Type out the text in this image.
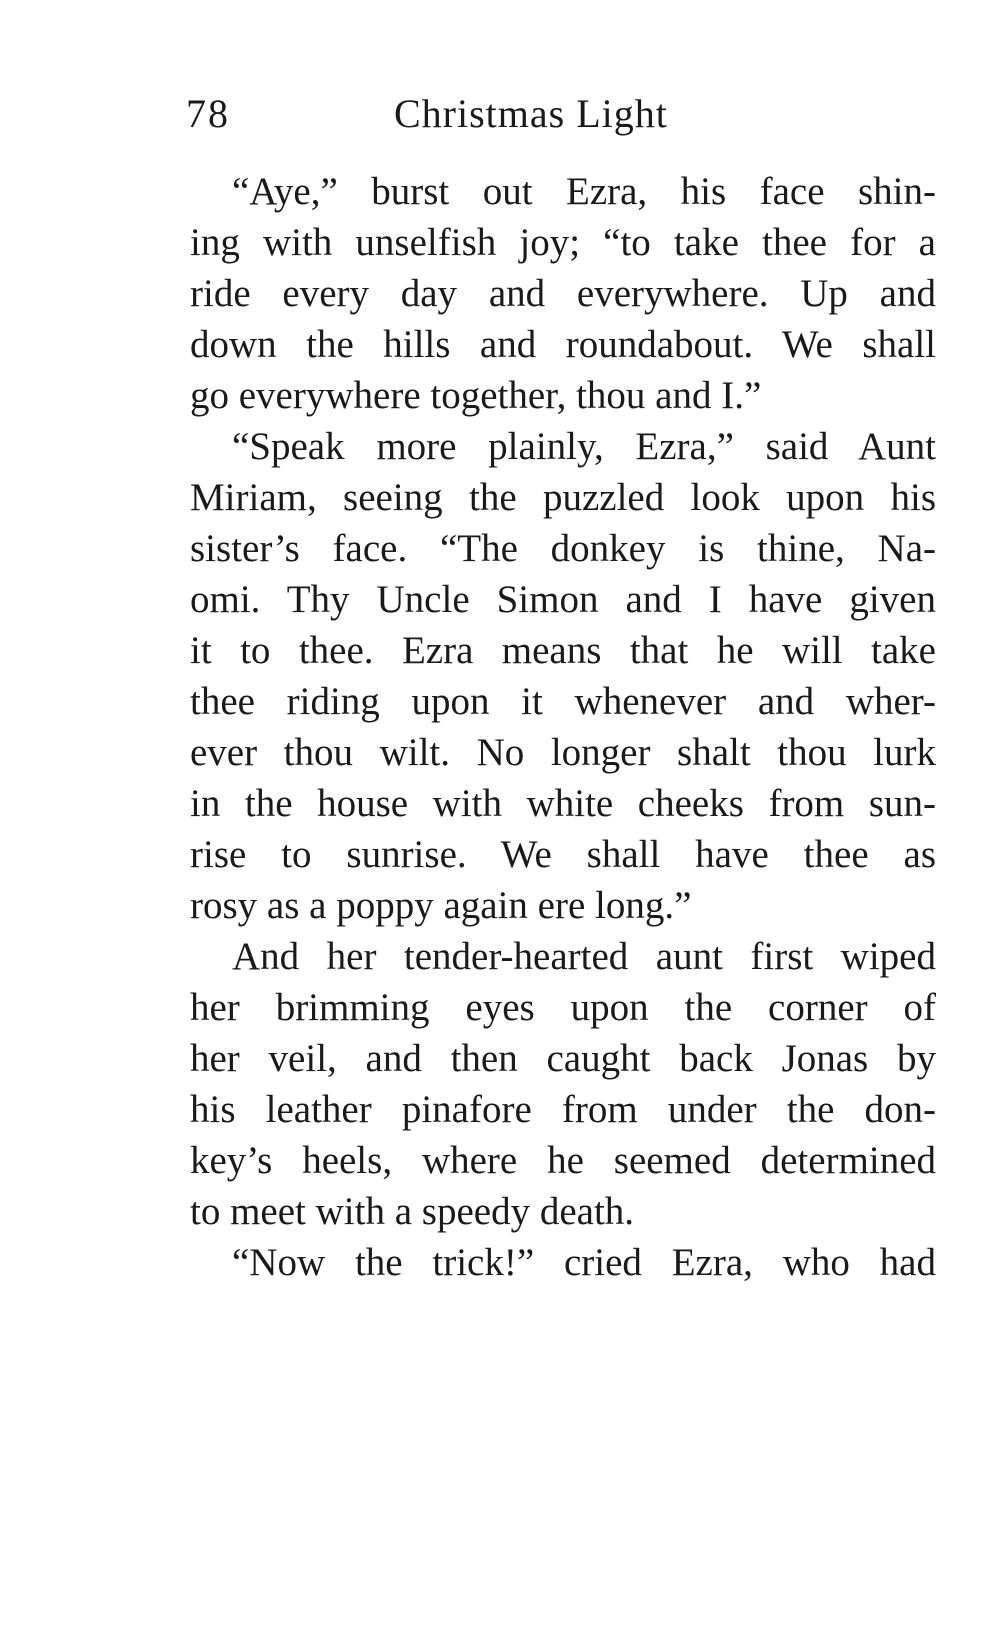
78	Christmas Light
“Aye,” burst out Ezra, his face shin-
ing with unselfish joy; “to take thee for a
ride every day and everywhere. Up and
down the hills and roundabout. We shall
go everywhere together, thou and I.”
“Speak more plainly, Ezra,” said Aunt
Miriam, seeing the puzzled look upon his
sister’s face. “The donkey is thine, Na-
omi. Thy Uncle Simon and I have given
it to thee. Ezra means that he will take
thee riding upon it whenever and wher-
ever thou wilt. No longer shalt thou lurk
in the house with white cheeks from sun-
rise to sunrise. We shall have thee as
rosy as a poppy again ere long.”
And her tender-hearted aunt first wiped
her brimming eyes upon the corner of
her veil, and then caught back Jonas by
his leather pinafore from under the don-
key’s heels, where he seemed determined
to meet with a speedy death.
“Now the trick!” cried Ezra, who had
